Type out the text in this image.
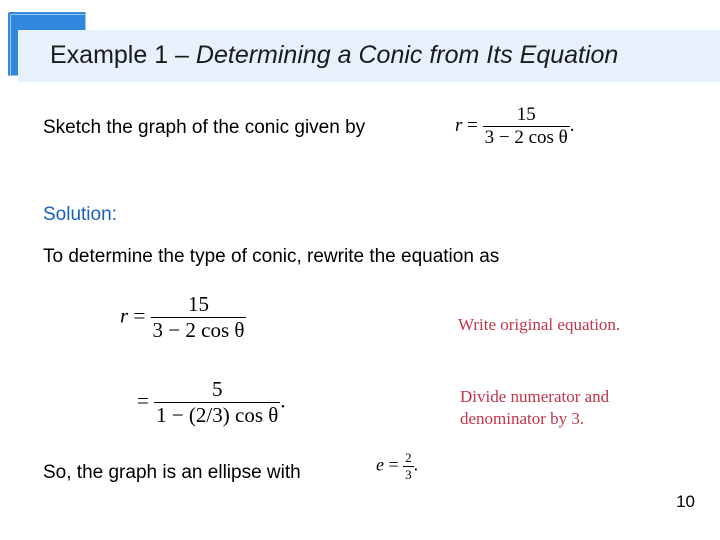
Example 1 – Determining a Conic from Its Equation
Sketch the graph of the conic given by	$r = \frac{15}{\text{3 − 2 cos θ}}$ .
Solution:
To determine the type of conic, rewrite the equation as
$r = \frac{15}{\text{3 − 2 cos θ}}$	Write original equation.
= $\frac{5}{\text{1 − (2/3) cos θ}}$ .	Divide numerator and
denominator by 3.
So, the graph is an ellipse with	$e = \frac{2}{3}$ .
10
